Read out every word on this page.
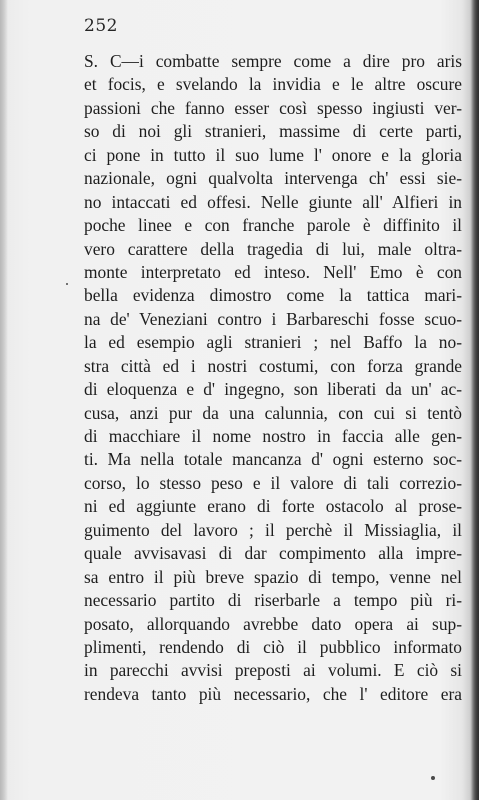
252
S. C—i combatte sempre come a dire pro aris
et focis, e svelando la invidia e le altre oscure
passioni che fanno esser così spesso ingiusti ver-
so di noi gli stranieri, massime di certe parti,
ci pone in tutto il suo lume l' onore e la gloria
nazionale, ogni qualvolta intervenga ch' essi sie-
no intaccati ed offesi. Nelle giunte all' Alfieri in
poche linee e con franche parole è diffinito il
vero carattere della tragedia di lui, male oltra-
monte interpretato ed inteso. Nell' Emo è con
bella evidenza dimostro come la tattica mari-
na de' Veneziani contro i Barbareschi fosse scuo-
la ed esempio agli stranieri ; nel Baffo la no-
stra città ed i nostri costumi, con forza grande
di eloquenza e d' ingegno, son liberati da un' ac-
cusa, anzi pur da una calunnia, con cui si tentò
di macchiare il nome nostro in faccia alle gen-
ti. Ma nella totale mancanza d' ogni esterno soc-
corso, lo stesso peso e il valore di tali correzio-
ni ed aggiunte erano di forte ostacolo al prose-
guimento del lavoro ; il perchè il Missiaglia, il
quale avvisavasi di dar compimento alla impre-
sa entro il più breve spazio di tempo, venne nel
necessario partito di riserbarle a tempo più ri-
posato, allorquando avrebbe dato opera ai sup-
plimenti, rendendo di ciò il pubblico informato
in parecchi avvisi preposti ai volumi. E ciò si
rendeva tanto più necessario, che l' editore era
